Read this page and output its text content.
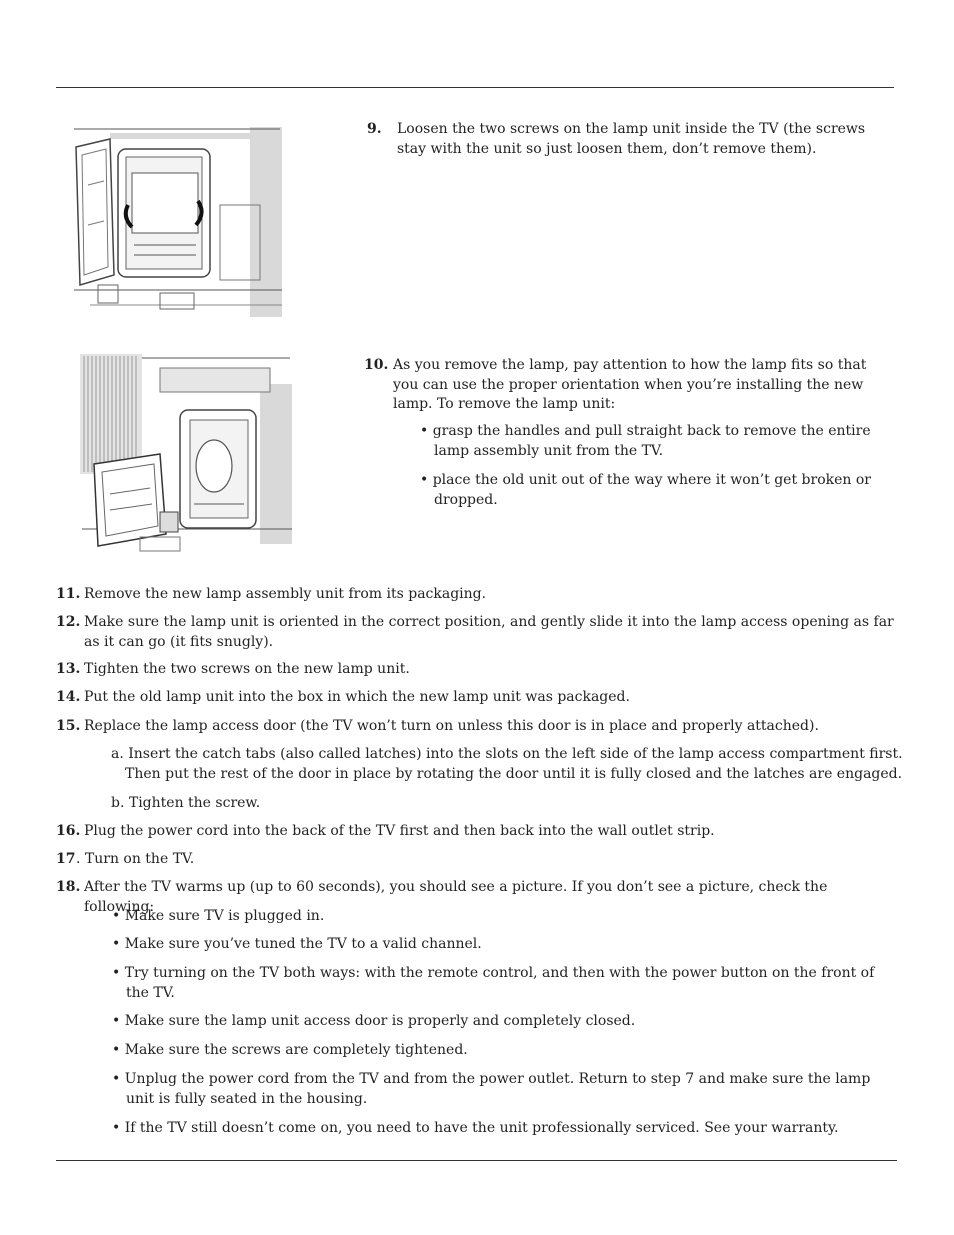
9.	Loosen the two screws on the lamp unit inside the TV (the screws stay with the unit so just loosen them, don’t remove them).
10. As you remove the lamp, pay attention to how the lamp fits so that you can use the proper orientation when you’re installing the new lamp. To remove the lamp unit:
• grasp the handles and pull straight back to remove the entire lamp assembly unit from the TV.
• place the old unit out of the way where it won’t get broken or dropped.
11. Remove the new lamp assembly unit from its packaging.
12. Make sure the lamp unit is oriented in the correct position, and gently slide it into the lamp access opening as far as it can go (it fits snugly).
13. Tighten the two screws on the new lamp unit.
14. Put the old lamp unit into the box in which the new lamp unit was packaged.
15. Replace the lamp access door (the TV won’t turn on unless this door is in place and properly attached).
16. Plug the power cord into the back of the TV first and then back into the wall outlet strip.
17 . Turn on the TV.
18. After the TV warms up (up to 60 seconds), you should see a picture. If you don’t see a picture, check the following:
a. Insert the catch tabs (also called latches) into the slots on the left side of the lamp access compartment first. Then put the rest of the door in place by rotating the door until it is fully closed and the latches are engaged.
b. Tighten the screw.
• Make sure TV is plugged in.
• Make sure you’ve tuned the TV to a valid channel.
• Try turning on the TV both ways: with the remote control, and then with the power button on the front of the TV.
• Make sure the lamp unit access door is properly and completely closed.
• Make sure the screws are completely tightened.
• Unplug the power cord from the TV and from the power outlet. Return to step 7 and make sure the lamp unit is fully seated in the housing.
• If the TV still doesn’t come on, you need to have the unit professionally serviced. See your warranty.
